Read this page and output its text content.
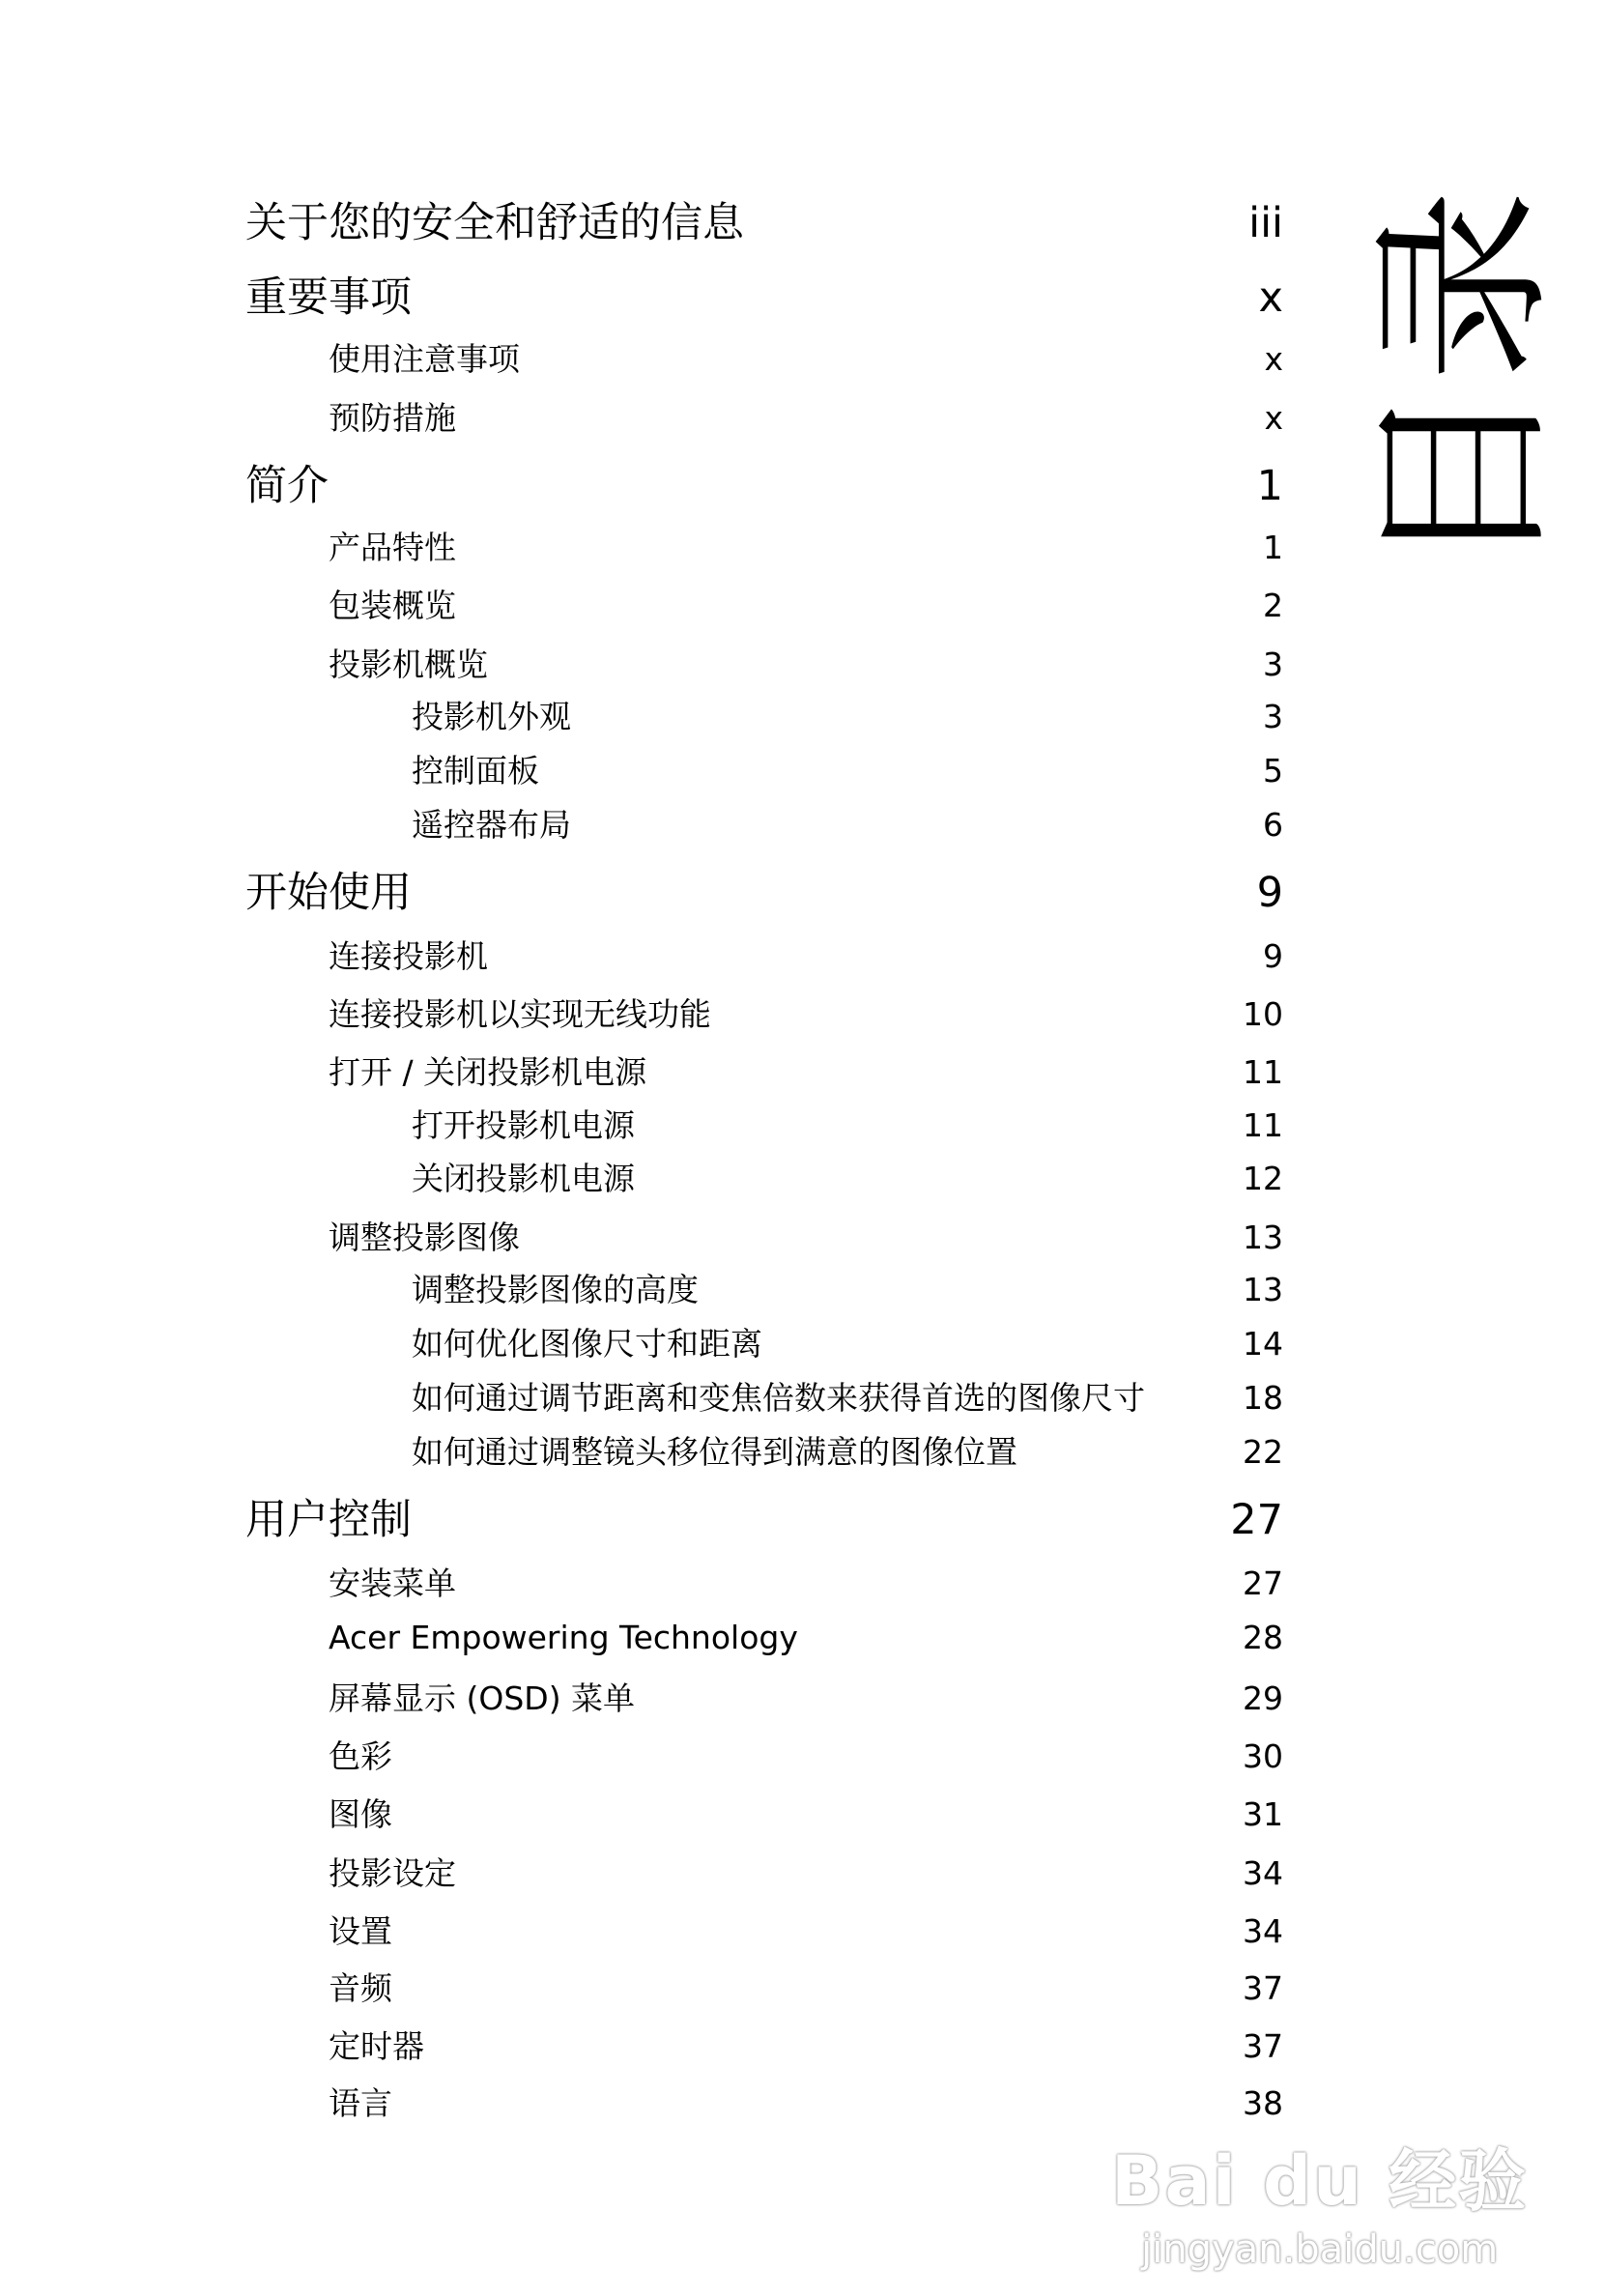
目录
关于您的安全和舒适的信息	iii
重要事项	x
使用注意事项	x
预防措施	x
简介	1
产品特性	1
包装概览	2
投影机概览	3
投影机外观	3
控制面板	5
遥控器布局	6
开始使用	9
连接投影机	9
连接投影机以实现无线功能	10
打开 / 关闭投影机电源	11
打开投影机电源	11
关闭投影机电源	12
调整投影图像	13
调整投影图像的高度	13
如何优化图像尺寸和距离	14
如何通过调节距离和变焦倍数来获得首选的图像尺寸	18
如何通过调整镜头移位得到满意的图像位置	22
用户控制	27
安装菜单	27
Acer Empowering Technology	28
屏幕显示 (OSD) 菜单	29
色彩	30
图像	31
投影设定	34
设置	34
音频	37
定时器	37
语言	38
Bai du 经验
jingyan.baidu.com
